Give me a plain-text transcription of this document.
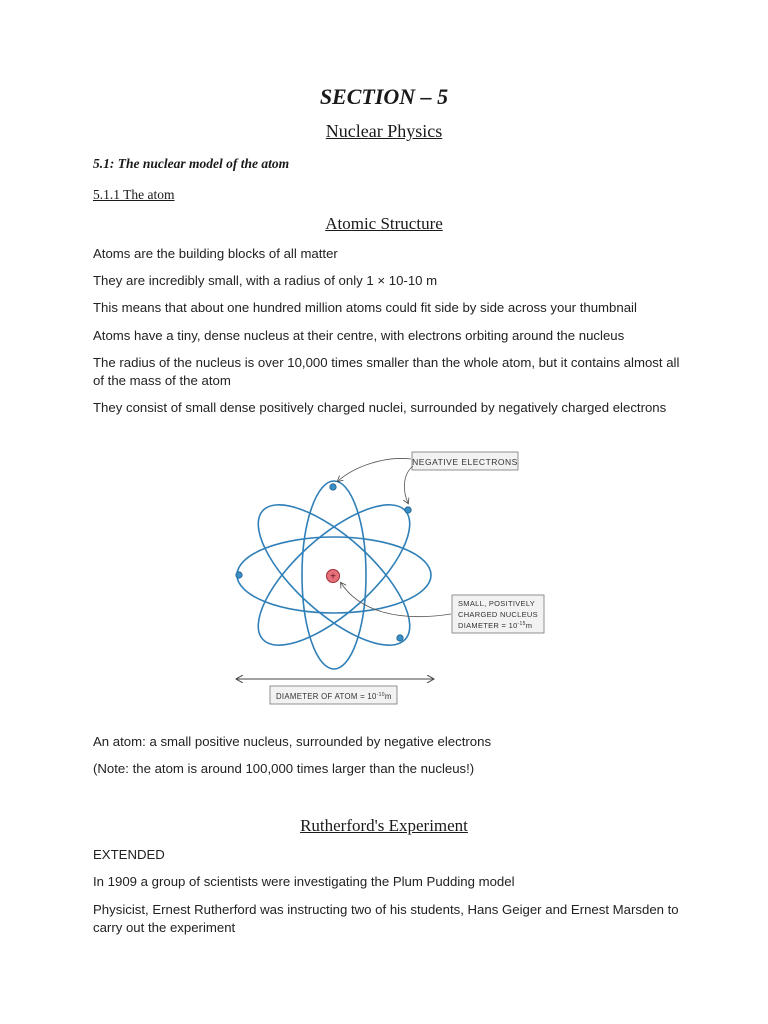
SECTION – 5
Nuclear Physics
5.1: The nuclear model of the atom
5.1.1 The atom
Atomic Structure
Atoms are the building blocks of all matter
They are incredibly small, with a radius of only 1 × 10-10 m
This means that about one hundred million atoms could fit side by side across your thumbnail
Atoms have a tiny, dense nucleus at their centre, with electrons orbiting around the nucleus
The radius of the nucleus is over 10,000 times smaller than the whole atom, but it contains almost all of the mass of the atom
They consist of small dense positively charged nuclei, surrounded by negatively charged electrons
+
NEGATIVE ELECTRONS
SMALL, POSITIVELY
CHARGED NUCLEUS
DIAMETER = $10^{-15}m$
DIAMETER OF ATOM = $10^{-10}m$
An atom: a small positive nucleus, surrounded by negative electrons
(Note: the atom is around 100,000 times larger than the nucleus!)
Rutherford's Experiment
EXTENDED
In 1909 a group of scientists were investigating the Plum Pudding model
Physicist, Ernest Rutherford was instructing two of his students, Hans Geiger and Ernest Marsden to carry out the experiment
